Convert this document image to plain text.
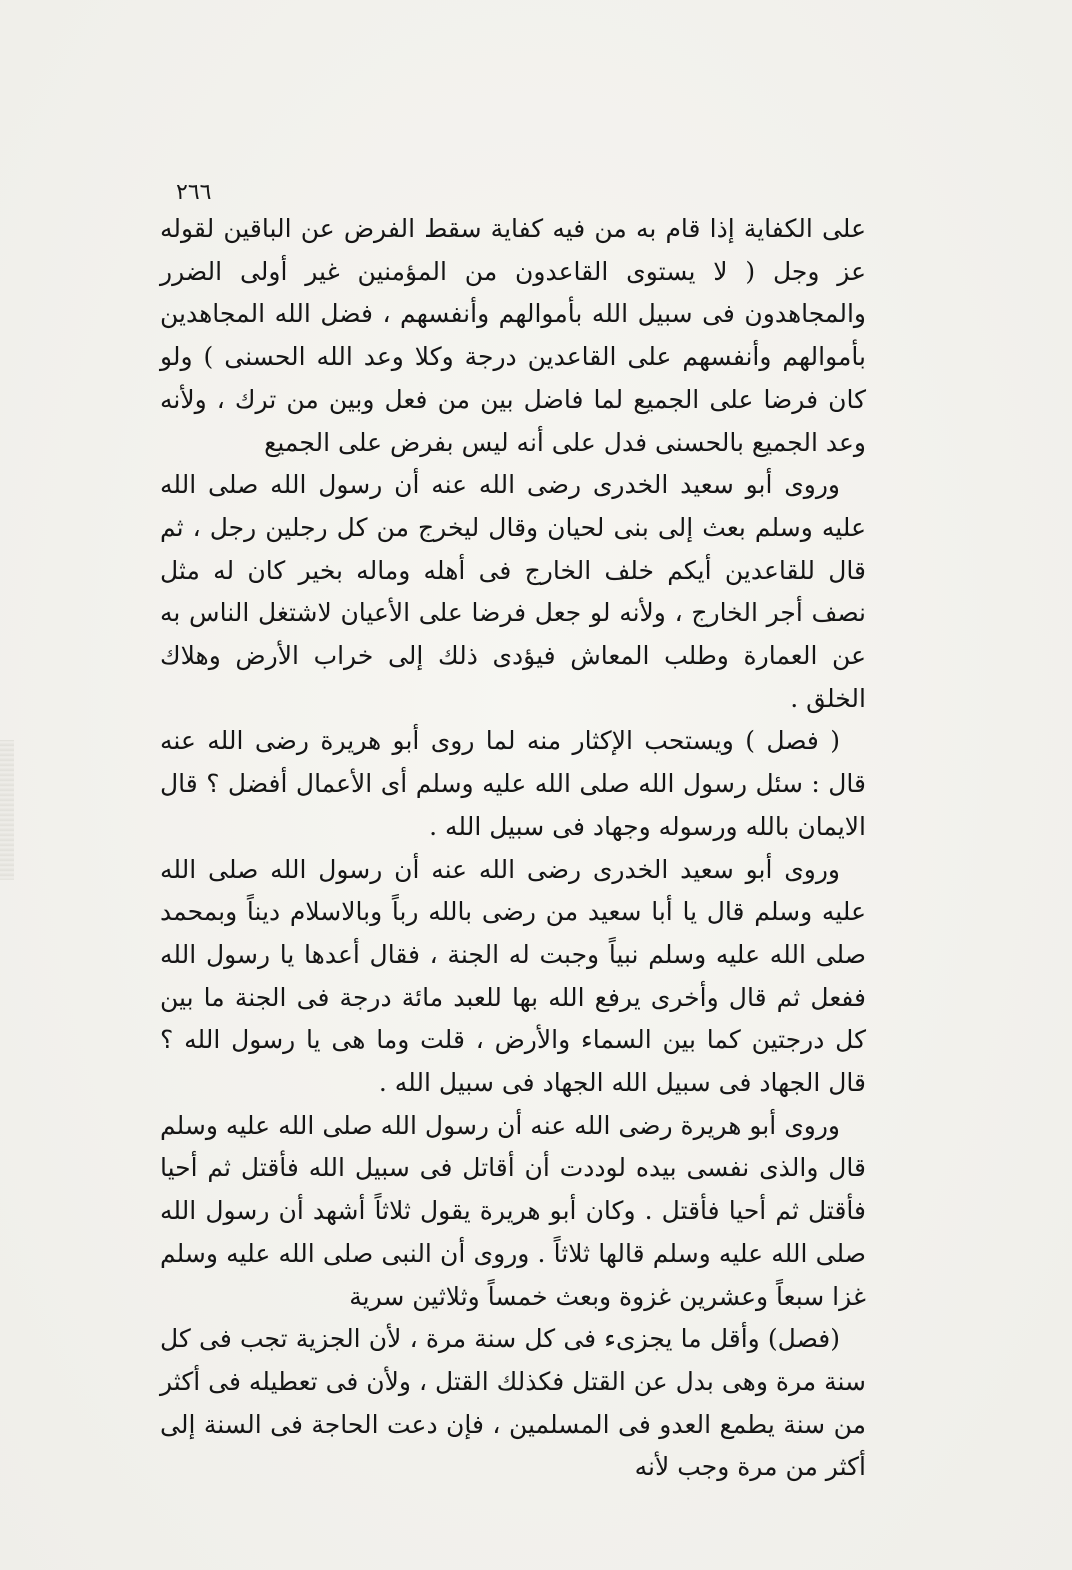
٢٦٦

على الكفاية إذا قام به من فيه كفاية سقط الفرض عن الباقين لقوله عز وجل ( لا يستوى القاعدون من المؤمنين غير أولى الضرر والمجاهدون فى سبيل الله بأموالهم وأنفسهم ، فضل الله المجاهدين بأموالهم وأنفسهم على القاعدين درجة وكلا وعد الله الحسنى ) ولو كان فرضا على الجميع لما فاضل بين من فعل وبين من ترك ، ولأنه وعد الجميع بالحسنى فدل على أنه ليس بفرض على الجميع

وروى أبو سعيد الخدرى رضى الله عنه أن رسول الله صلى الله عليه وسلم بعث إلى بنى لحيان وقال ليخرج من كل رجلين رجل ، ثم قال للقاعدين أيكم خلف الخارج فى أهله وماله بخير كان له مثل نصف أجر الخارج ، ولأنه لو جعل فرضا على الأعيان لاشتغل الناس به عن العمارة وطلب المعاش فيؤدى ذلك إلى خراب الأرض وهلاك الخلق .

( فصل ) ويستحب الإكثار منه لما روى أبو هريرة رضى الله عنه قال : سئل رسول الله صلى الله عليه وسلم أى الأعمال أفضل ؟ قال الايمان بالله ورسوله وجهاد فى سبيل الله .

وروى أبو سعيد الخدرى رضى الله عنه أن رسول الله صلى الله عليه وسلم قال يا أبا سعيد من رضى بالله رباً وبالاسلام ديناً وبمحمد صلى الله عليه وسلم نبياً وجبت له الجنة ، فقال أعدها يا رسول الله ففعل ثم قال وأخرى يرفع الله بها للعبد مائة درجة فى الجنة ما بين كل درجتين كما بين السماء والأرض ، قلت وما هى يا رسول الله ؟ قال الجهاد فى سبيل الله الجهاد فى سبيل الله .

وروى أبو هريرة رضى الله عنه أن رسول الله صلى الله عليه وسلم قال والذى نفسى بيده لوددت أن أقاتل فى سبيل الله فأقتل ثم أحيا فأقتل ثم أحيا فأقتل . وكان أبو هريرة يقول ثلاثاً أشهد أن رسول الله صلى الله عليه وسلم قالها ثلاثاً . وروى أن النبى صلى الله عليه وسلم غزا سبعاً وعشرين غزوة وبعث خمساً وثلاثين سرية

(فصل) وأقل ما يجزىء فى كل سنة مرة ، لأن الجزية تجب فى كل سنة مرة وهى بدل عن القتل فكذلك القتل ، ولأن فى تعطيله فى أكثر من سنة يطمع العدو فى المسلمين ، فإن دعت الحاجة فى السنة إلى أكثر من مرة وجب لأنه
